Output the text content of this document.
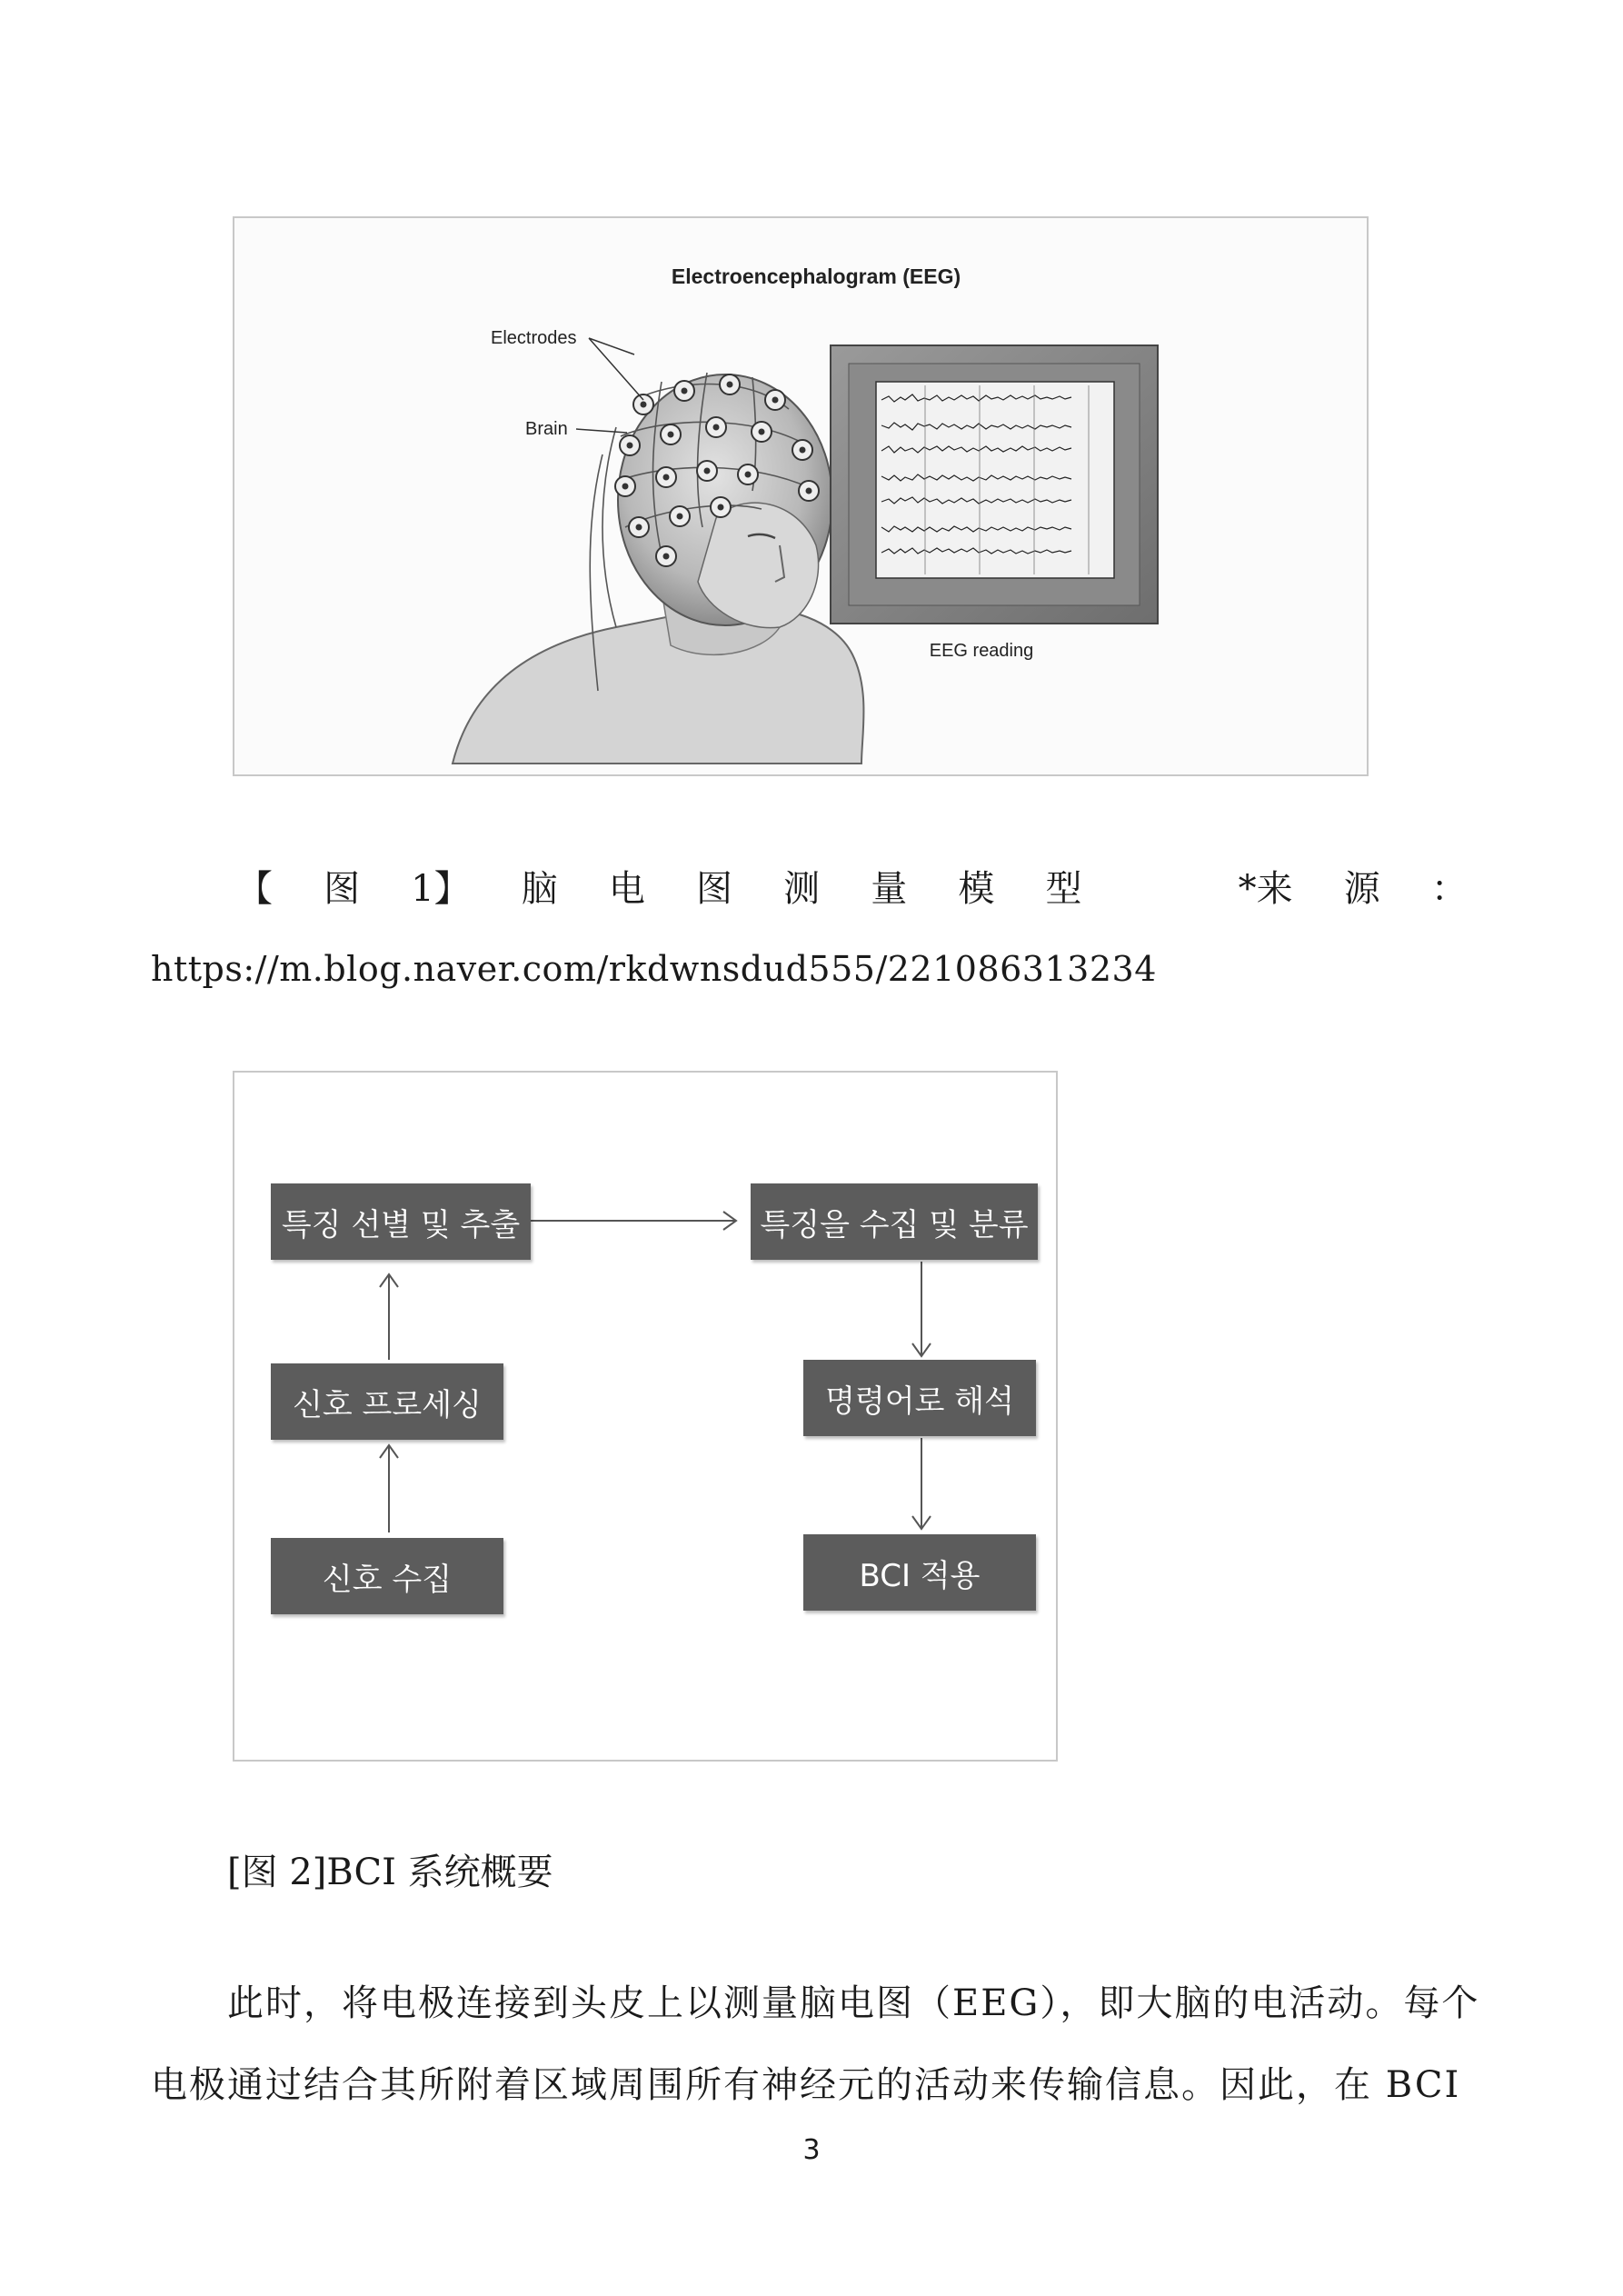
Electroencephalogram (EEG)
Electrodes
Brain
EEG reading
【 图 1】 脑 电 图 测 量 模 型	*来 源 ：
https://m.blog.naver.com/rkdwnsdud555/221086313234
특징 선별 및 추출	특징을 수집 및 분류
신호 프로세싱	명령어로 해석
신호 수집	BCI 적용
[图 2]BCI 系统概要
此时，将电极连接到头皮上以测量脑电图（EEG），即大脑的电活动。每个
电极通过结合其所附着区域周围所有神经元的活动来传输信息。因此，在 BCI
3
